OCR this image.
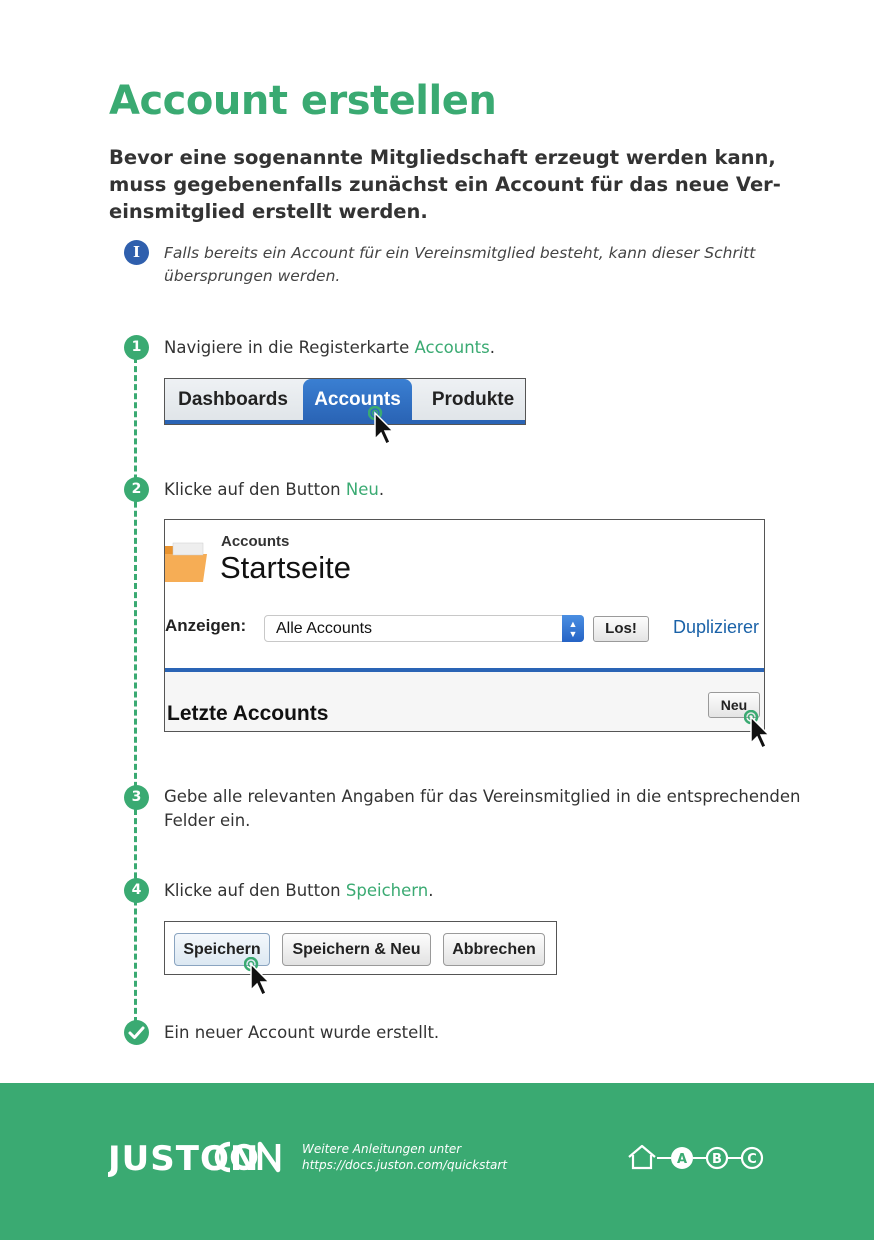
Account erstellen
Bevor eine sogenannte Mitgliedschaft erzeugt werden kann,
muss gegebenenfalls zunächst ein Account für das neue Ver-
einsmitglied erstellt werden.
I	Falls bereits ein Account für ein Vereinsmitglied besteht, kann dieser Schritt
übersprungen werden.
1	Navigiere in die Registerkarte Accounts.
Dashboards	Accounts	Produkte
2	Klicke auf den Button Neu.
Accounts
Startseite
Anzeigen:	Alle Accounts	▲
▼	Los!	Duplizierer
Letzte Accounts	Neu
3	Gebe alle relevanten Angaben für das Vereinsmitglied in die entsprechenden
Felder ein.
4	Klicke auf den Button Speichern.
Speichern	Speichern & Neu	Abbrechen
Ein neuer Account wurde erstellt.
JUSTON	Weitere Anleitungen unter
https://docs.juston.com/quickstart	A B C
